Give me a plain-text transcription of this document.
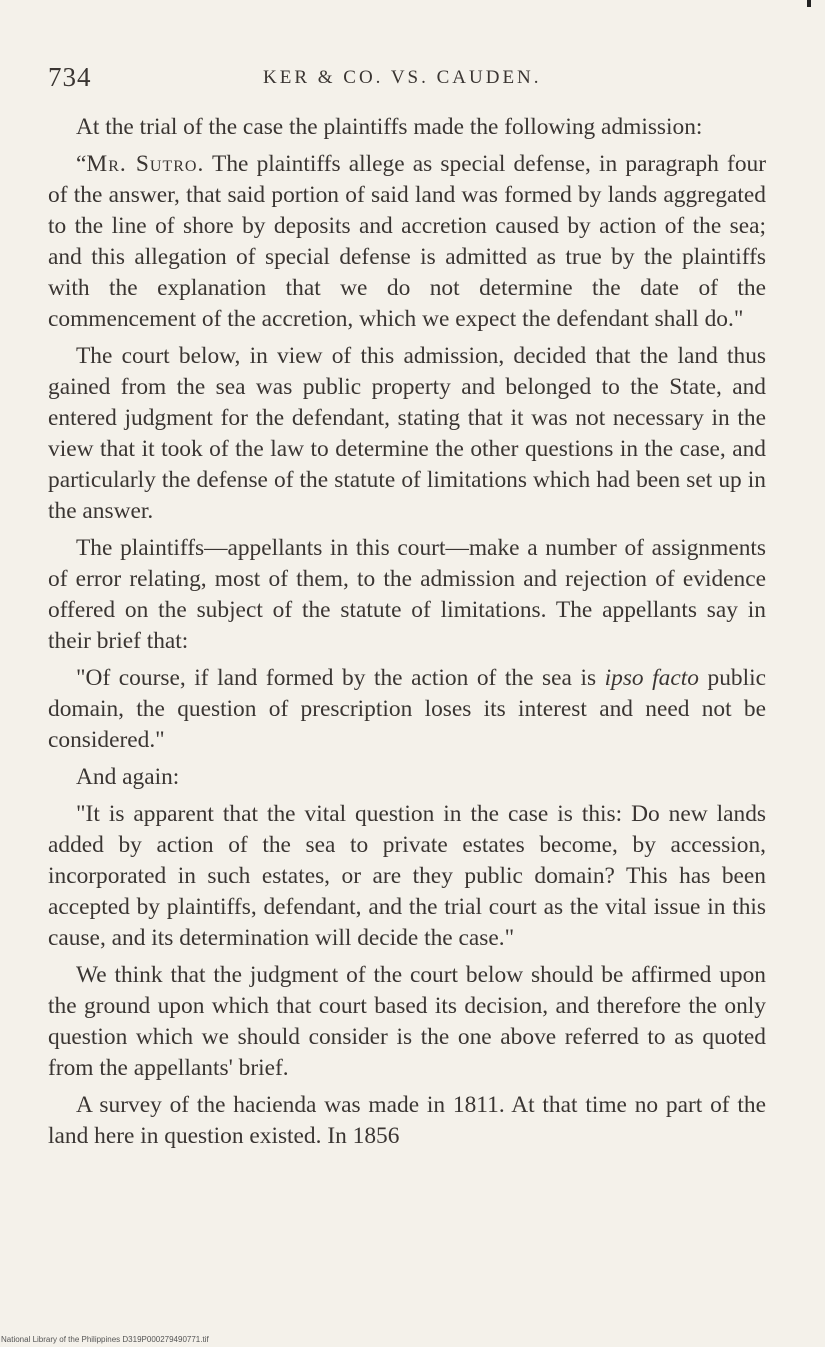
734	KER & CO. VS. CAUDEN.

At the trial of the case the plaintiffs made the following admission:

“Mr. Sutro. The plaintiffs allege as special defense, in paragraph four of the answer, that said portion of said land was formed by lands aggregated to the line of shore by deposits and accretion caused by action of the sea; and this allegation of special defense is admitted as true by the plaintiffs with the explanation that we do not determine the date of the commencement of the accretion, which we expect the defendant shall do."

The court below, in view of this admission, decided that the land thus gained from the sea was public property and belonged to the State, and entered judgment for the defendant, stating that it was not necessary in the view that it took of the law to determine the other questions in the case, and particularly the defense of the statute of limitations which had been set up in the answer.

The plaintiffs—appellants in this court—make a number of assignments of error relating, most of them, to the admission and rejection of evidence offered on the subject of the statute of limitations. The appellants say in their brief that:

"Of course, if land formed by the action of the sea is ipso facto public domain, the question of prescription loses its interest and need not be considered."

And again:

"It is apparent that the vital question in the case is this: Do new lands added by action of the sea to private estates become, by accession, incorporated in such estates, or are they public domain? This has been accepted by plaintiffs, defendant, and the trial court as the vital issue in this cause, and its determination will decide the case."

We think that the judgment of the court below should be affirmed upon the ground upon which that court based its decision, and therefore the only question which we should consider is the one above referred to as quoted from the appellants' brief.

A survey of the hacienda was made in 1811. At that time no part of the land here in question existed. In 1856

National Library of the Philippines D319P000279490771.tif
